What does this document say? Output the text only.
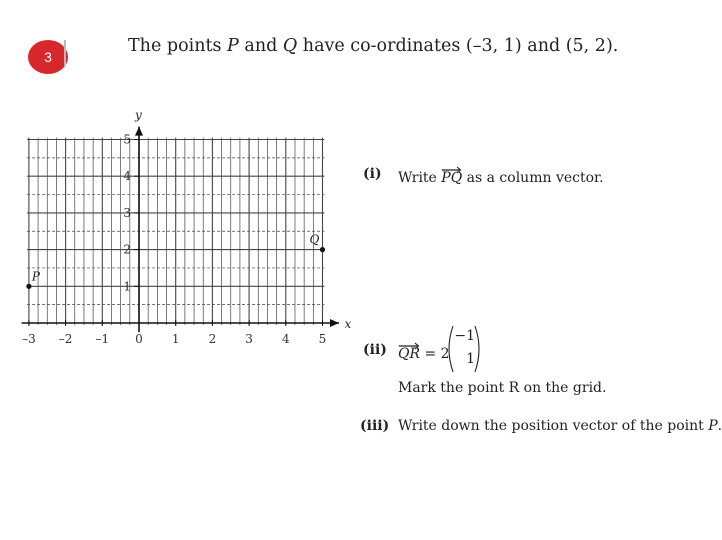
3
The points P and Q have co-ordinates (–3, 1) and (5, 2).
x
y
–3 –2 –1 0 1 2 3 4 5
1
2
3
4
5
P
Q
(i) Write
PQ as a column vector.
(ii) QR = 2
−1
1
Mark the point R on the grid.
(iii) Write down the position vector of the point P.
